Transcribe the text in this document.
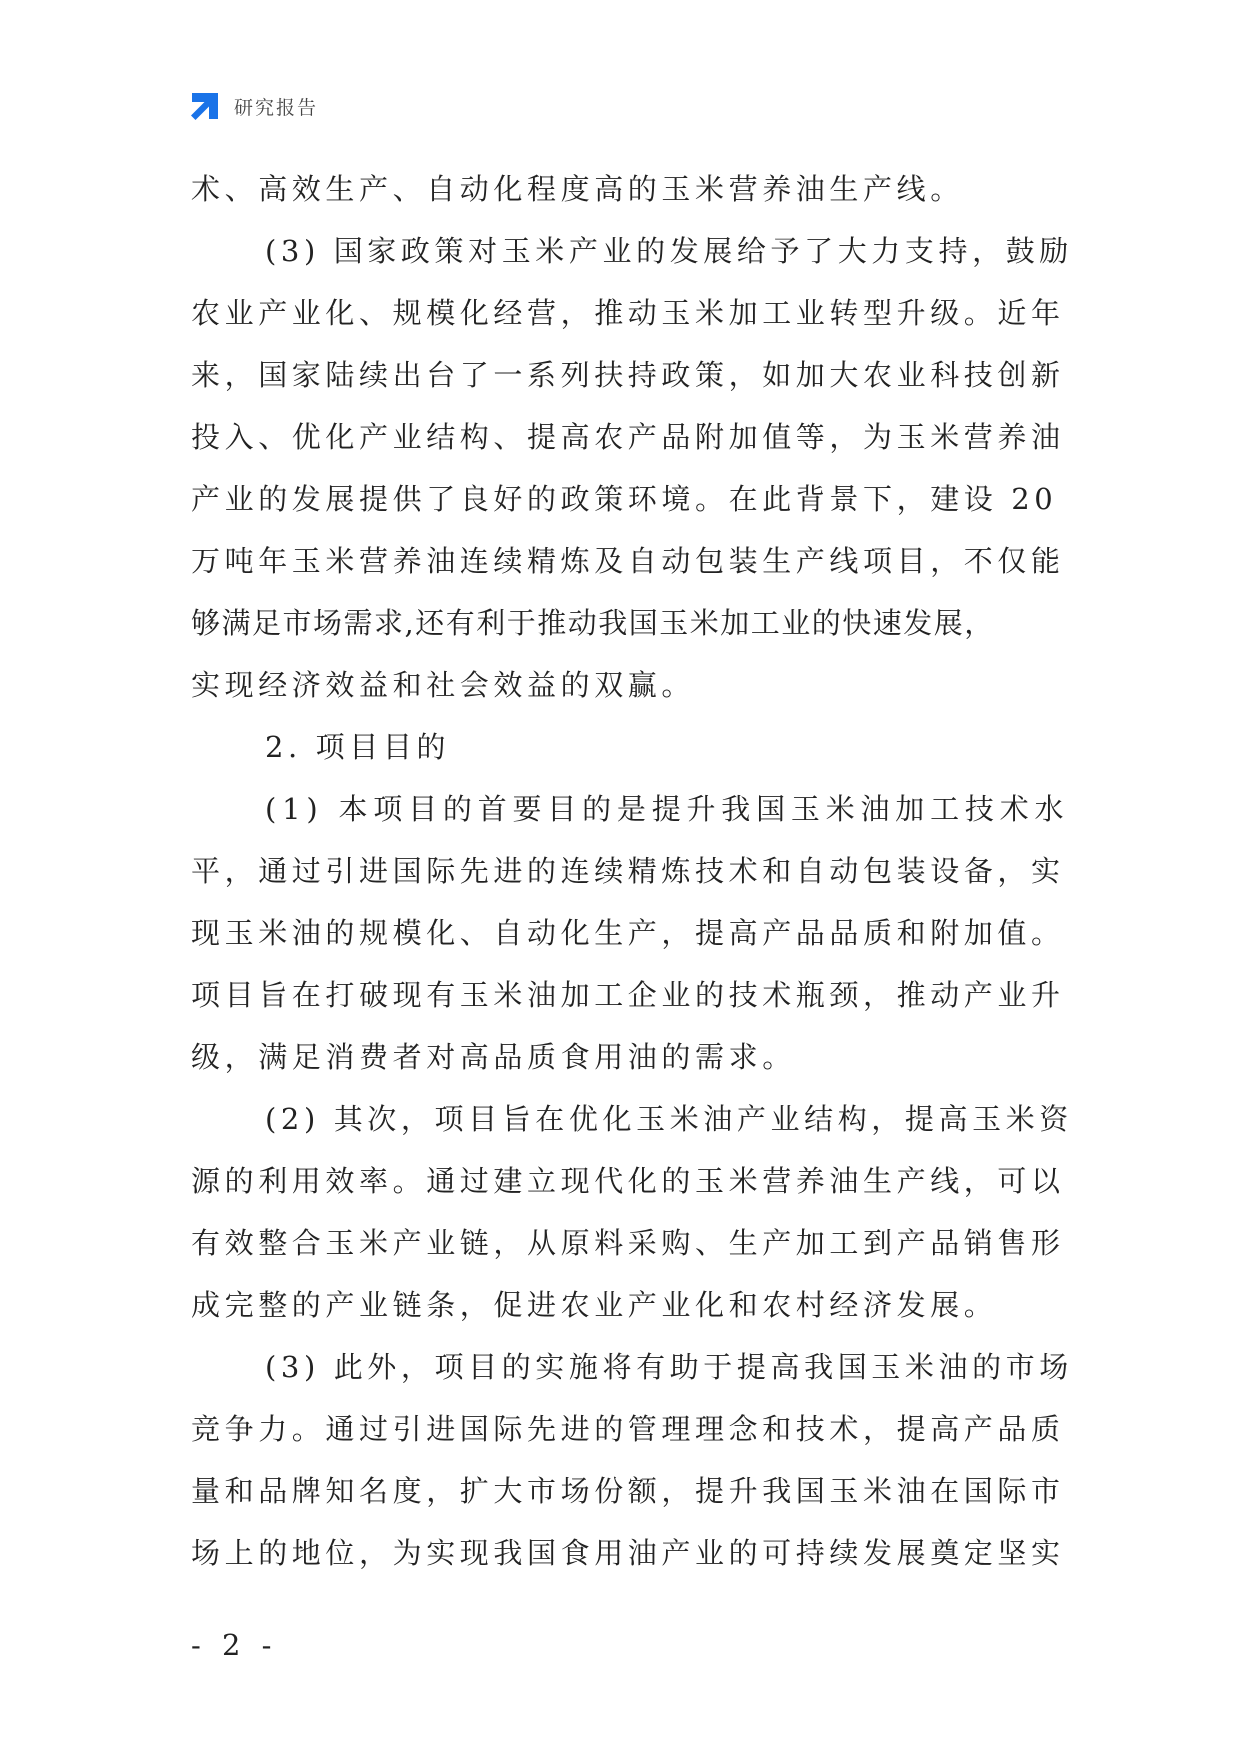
研究报告
术、高效生产、自动化程度高的玉米营养油生产线。
(3) 国家政策对玉米产业的发展给予了大力支持，鼓励
农业产业化、规模化经营，推动玉米加工业转型升级。近年
来，国家陆续出台了一系列扶持政策，如加大农业科技创新
投入、优化产业结构、提高农产品附加值等，为玉米营养油
产业的发展提供了良好的政策环境。在此背景下，建设 20
万吨年玉米营养油连续精炼及自动包装生产线项目，不仅能
够满足市场需求,还有利于推动我国玉米加工业的快速发展，
实现经济效益和社会效益的双赢。
2. 项目目的
(1) 本项目的首要目的是提升我国玉米油加工技术水
平，通过引进国际先进的连续精炼技术和自动包装设备，实
现玉米油的规模化、自动化生产，提高产品品质和附加值。
项目旨在打破现有玉米油加工企业的技术瓶颈，推动产业升
级，满足消费者对高品质食用油的需求。
(2) 其次，项目旨在优化玉米油产业结构，提高玉米资
源的利用效率。通过建立现代化的玉米营养油生产线，可以
有效整合玉米产业链，从原料采购、生产加工到产品销售形
成完整的产业链条，促进农业产业化和农村经济发展。
(3) 此外，项目的实施将有助于提高我国玉米油的市场
竞争力。通过引进国际先进的管理理念和技术，提高产品质
量和品牌知名度，扩大市场份额，提升我国玉米油在国际市
场上的地位，为实现我国食用油产业的可持续发展奠定坚实
- 2 -
